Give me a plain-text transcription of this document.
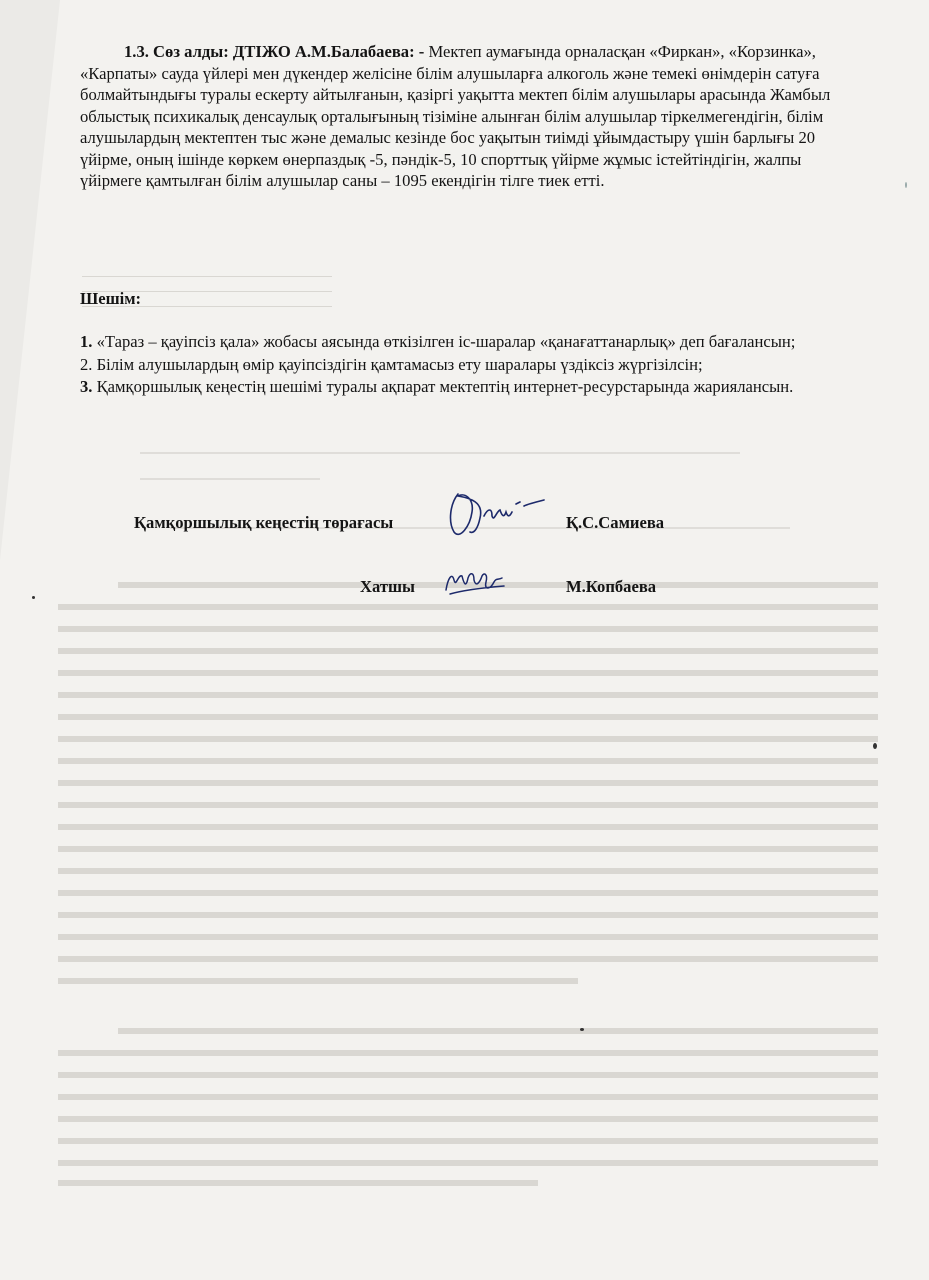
1.3. Сөз алды: ДТІЖО А.М.Балабаева: - Мектеп аумағында орналасқан «Фиркан», «Корзинка», «Карпаты» сауда үйлері мен дүкендер желісіне білім алушыларға алкоголь және темекі өнімдерін сатуға болмайтындығы туралы ескерту айтылғанын, қазіргі уақытта мектеп білім алушылары арасында Жамбыл облыстық психикалық денсаулық орталығының тізіміне алынған білім алушылар тіркелмегендігін, білім алушылардың мектептен тыс және демалыс кезінде бос уақытын тиімді ұйымдастыру үшін барлығы 20 үйірме, оның ішінде көркем өнерпаздық -5, пәндік-5, 10 спорттық үйірме жұмыс істейтіндігін, жалпы үйірмеге қамтылған білім алушылар саны – 1095 екендігін тілге тиек етті.
Шешім:

1. «Тараз – қауіпсіз қала» жобасы аясында өткізілген іс-шаралар «қанағаттанарлық» деп бағалансын;

2. Білім алушылардың өмір қауіпсіздігін қамтамасыз ету шаралары үздіксіз жүргізілсін;

3. Қамқоршылық кеңестің шешімі туралы ақпарат мектептің интернет-ресурстарында жариялансын.

Қамқоршылық кеңестің төрағасы	Қ.С.Самиева
Хатшы	М.Копбаева
